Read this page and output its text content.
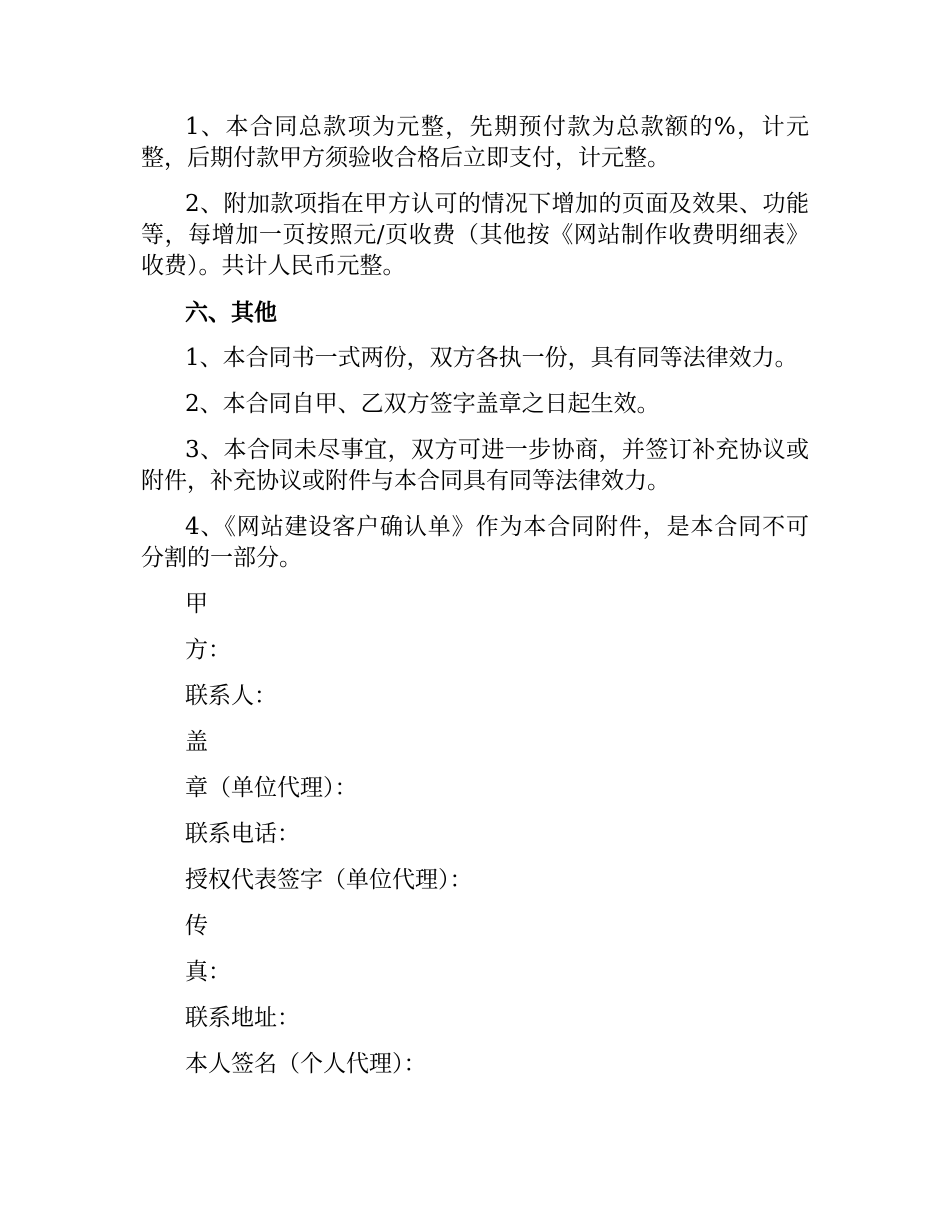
1、本合同总款项为元整，先期预付款为总款额的%，计元整，后期付款甲方须验收合格后立即支付，计元整。

2、附加款项指在甲方认可的情况下增加的页面及效果、功能等，每增加一页按照元/页收费（其他按《网站制作收费明细表》收费）。共计人民币元整。

六、其他

1、本合同书一式两份，双方各执一份，具有同等法律效力。

2、本合同自甲、乙双方签字盖章之日起生效。

3、本合同未尽事宜，双方可进一步协商，并签订补充协议或附件，补充协议或附件与本合同具有同等法律效力。

4、《网站建设客户确认单》作为本合同附件，是本合同不可分割的一部分。

甲
方：
联系人：
盖
章（单位代理）：
联系电话：
授权代表签字（单位代理）：
传
真：
联系地址：
本人签名（个人代理）：
